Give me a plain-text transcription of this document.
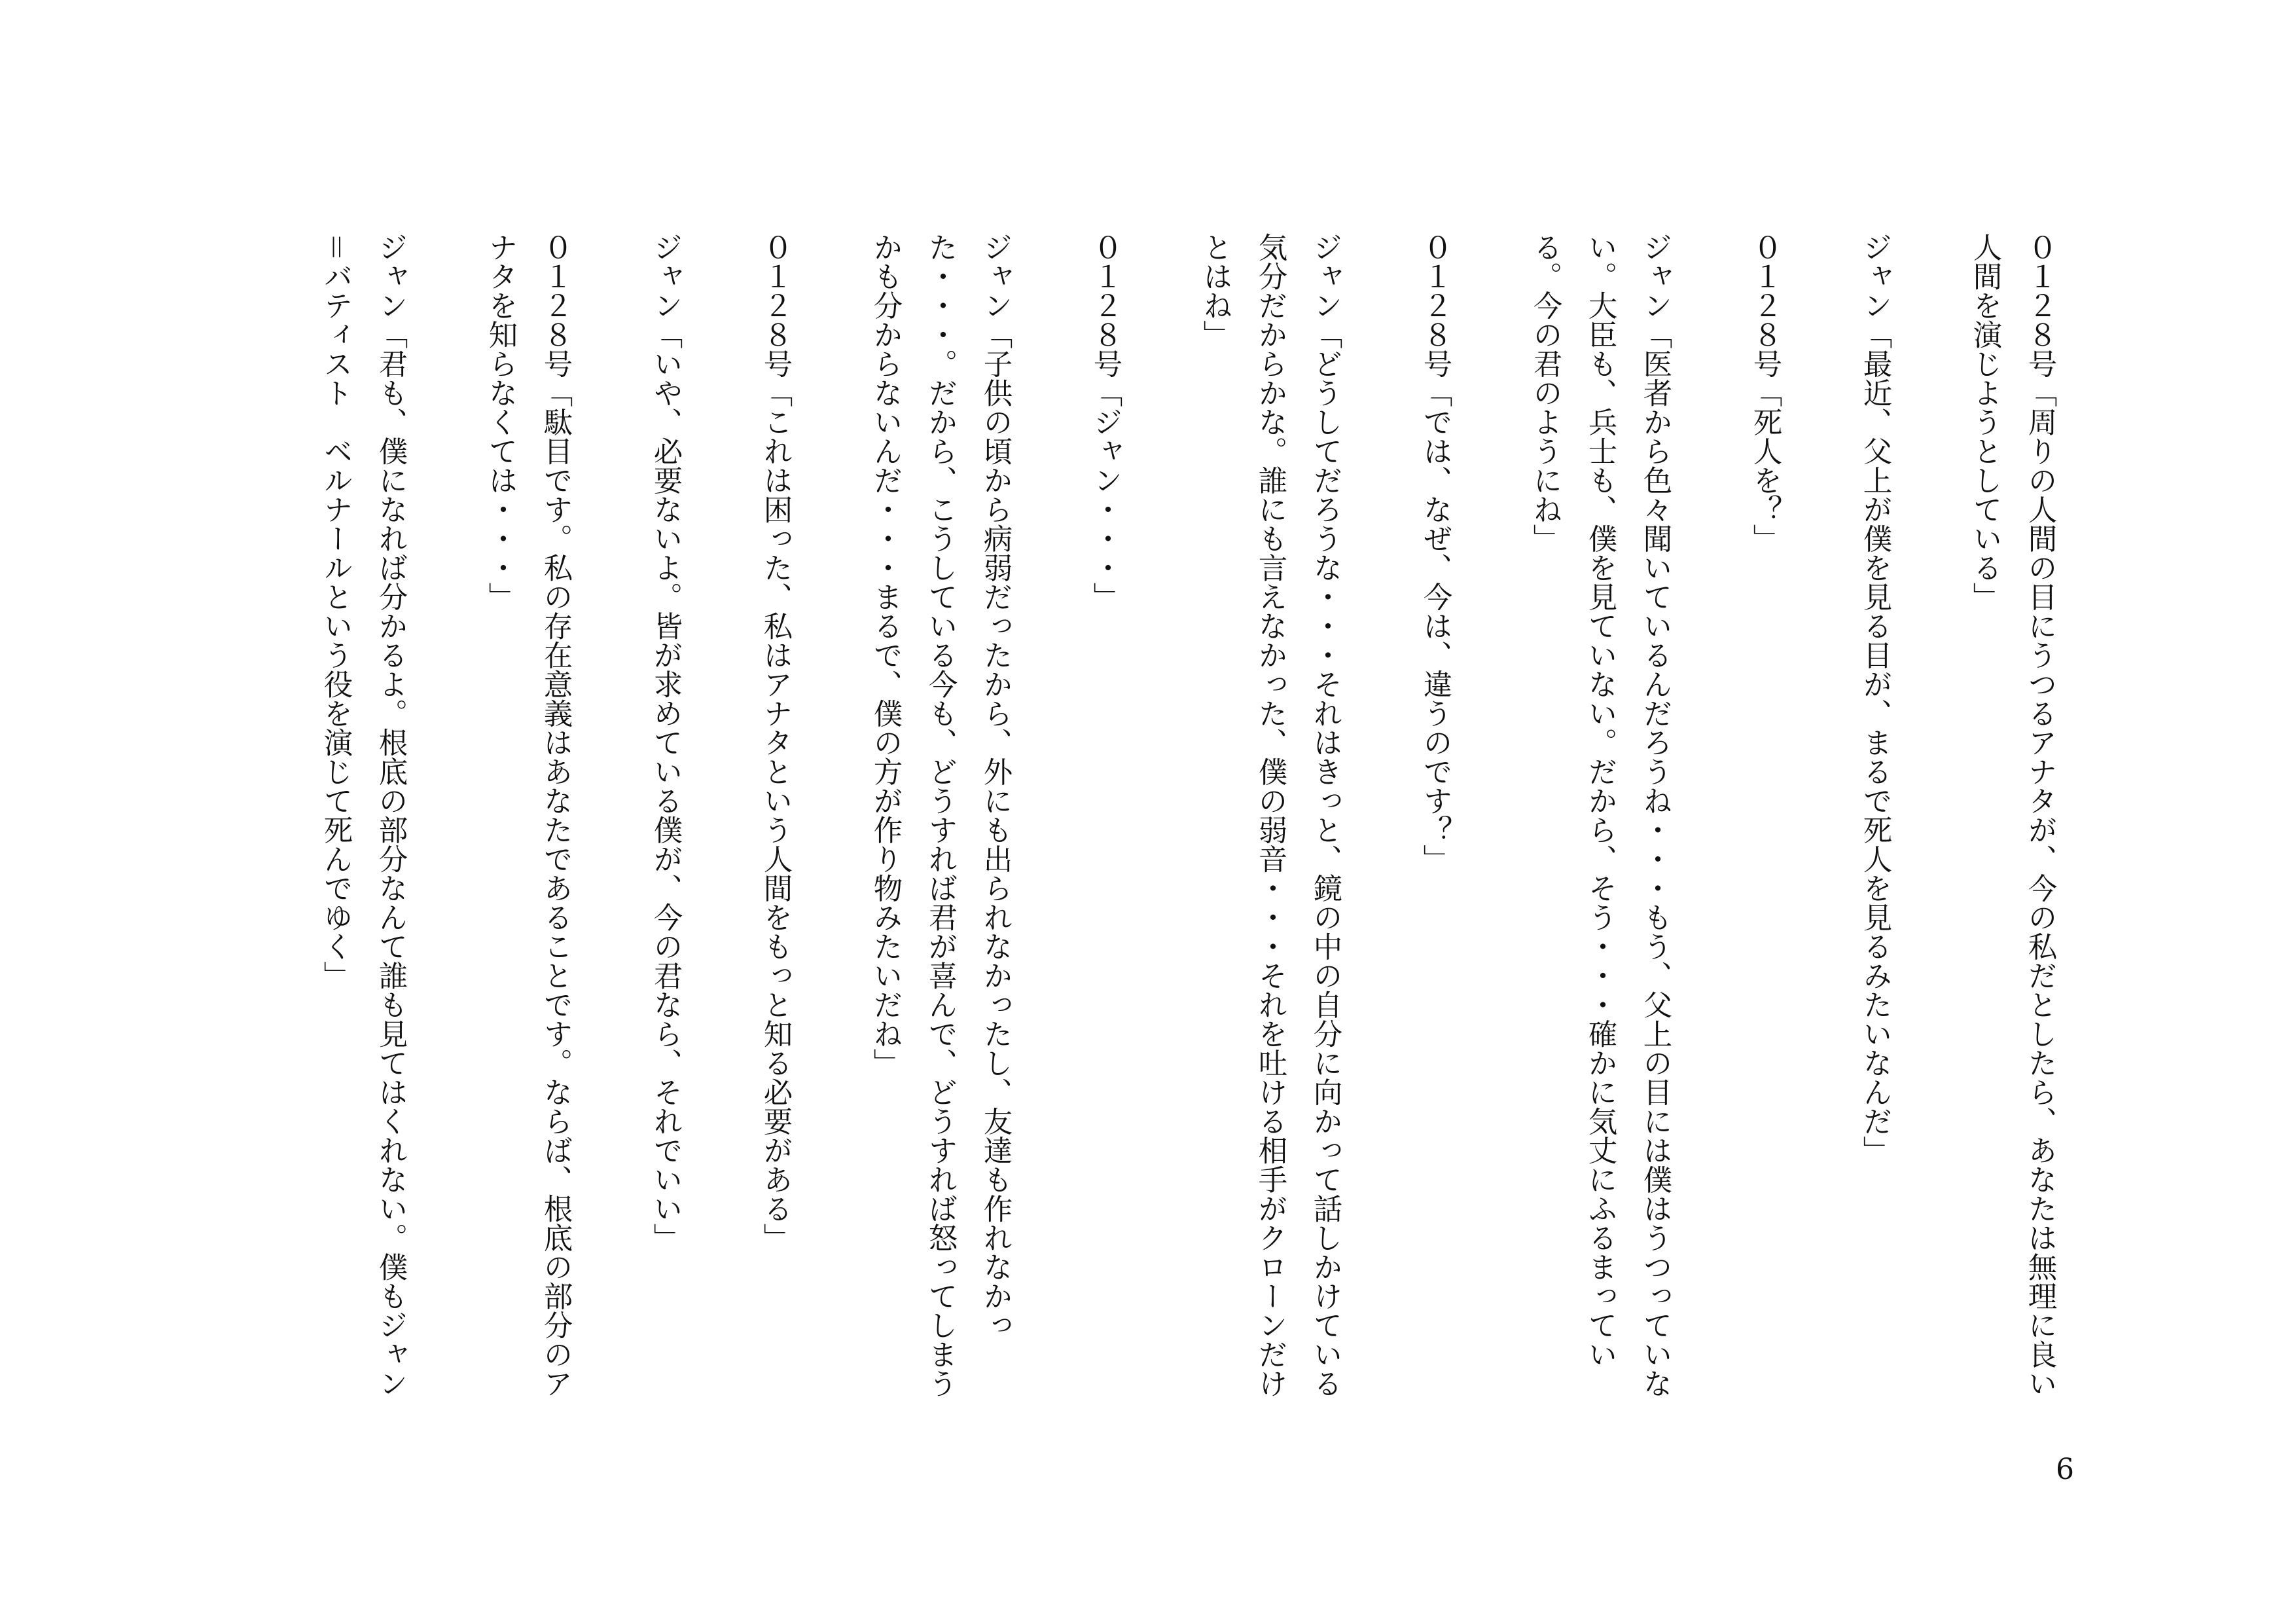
０１２８号「周りの人間の目にうつるアナタが、今の私だとしたら、あなたは無理に良い人間を演じようとしている」

ジャン「最近、父上が僕を見る目が、まるで死人を見るみたいなんだ」

０１２８号「死人を？」

ジャン「医者から色々聞いているんだろうね・・・もう、父上の目には僕はうつっていない。大臣も、兵士も、僕を見ていない。だから、そう・・・確かに気丈にふるまっている。今の君のようにね」

０１２８号「では、なぜ、今は、違うのです？」

ジャン「どうしてだろうな・・・それはきっと、鏡の中の自分に向かって話しかけている気分だからかな。誰にも言えなかった、僕の弱音・・・それを吐ける相手がクローンだけとはね」

０１２８号「ジャン・・・」

ジャン「子供の頃から病弱だったから、外にも出られなかったし、友達も作れなかった・・・。だから、こうしている今も、どうすれば君が喜んで、どうすれば怒ってしまうかも分からないんだ・・・まるで、僕の方が作り物みたいだね」

０１２８号「これは困った、私はアナタという人間をもっと知る必要がある」

ジャン「いや、必要ないよ。皆が求めている僕が、今の君なら、それでいい」

０１２８号「駄目です。私の存在意義はあなたであることです。ならば、根底の部分のアナタを知らなくては・・・」

ジャン「君も、僕になれば分かるよ。根底の部分なんて誰も見てはくれない。僕もジャン＝バティスト　ベルナールという役を演じて死んでゆく」

6
